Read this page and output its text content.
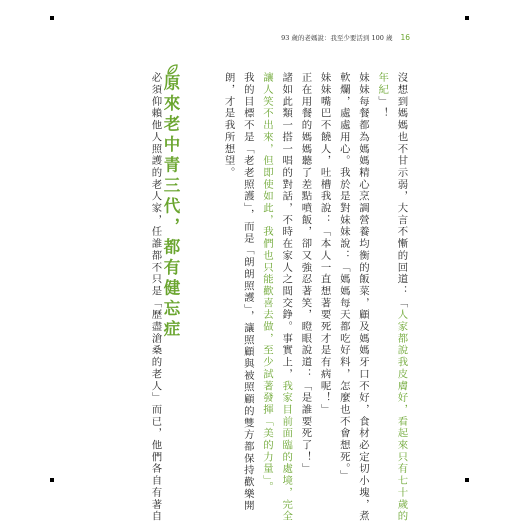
93 歲的老媽說：我至少要活到 100 歲 16
沒想到媽媽也不甘示弱，大言不慚的回道：「人家都說我皮膚好，看起來只有七十歲的
年紀」！
妹妹每餐都為媽媽精心烹調營養均衡的飯菜，顧及媽媽牙口不好，食材必定切小塊，煮
軟爛，處處用心。我於是對妹妹說：「媽媽每天都吃好料，怎麼也不會想死。」
妹妹嘴巴不饒人，吐槽我說：「本人一直想著要死才是有病呢！」
正在用餐的媽媽聽了差點噴飯，卻又強忍著笑，瞪眼說道：「是誰要死了！」
諸如此類一搭一唱的對話，不時在家人之間交錚。事實上，我家目前面臨的處境，完全
讓人笑不出來，但即使如此，我們也只能歡喜去做，至少試著發揮「美的力量」。
我的目標不是「老老照護」，而是「朗朗照護」，讓照顧與被照顧的雙方都保持歡樂開
朗，才是我所想望。
必須仰賴他人照護的老人家，任誰都不只是「歷盡滄桑的老人」而已，他們各自有著自 原來老中青三代，都有健忘症
